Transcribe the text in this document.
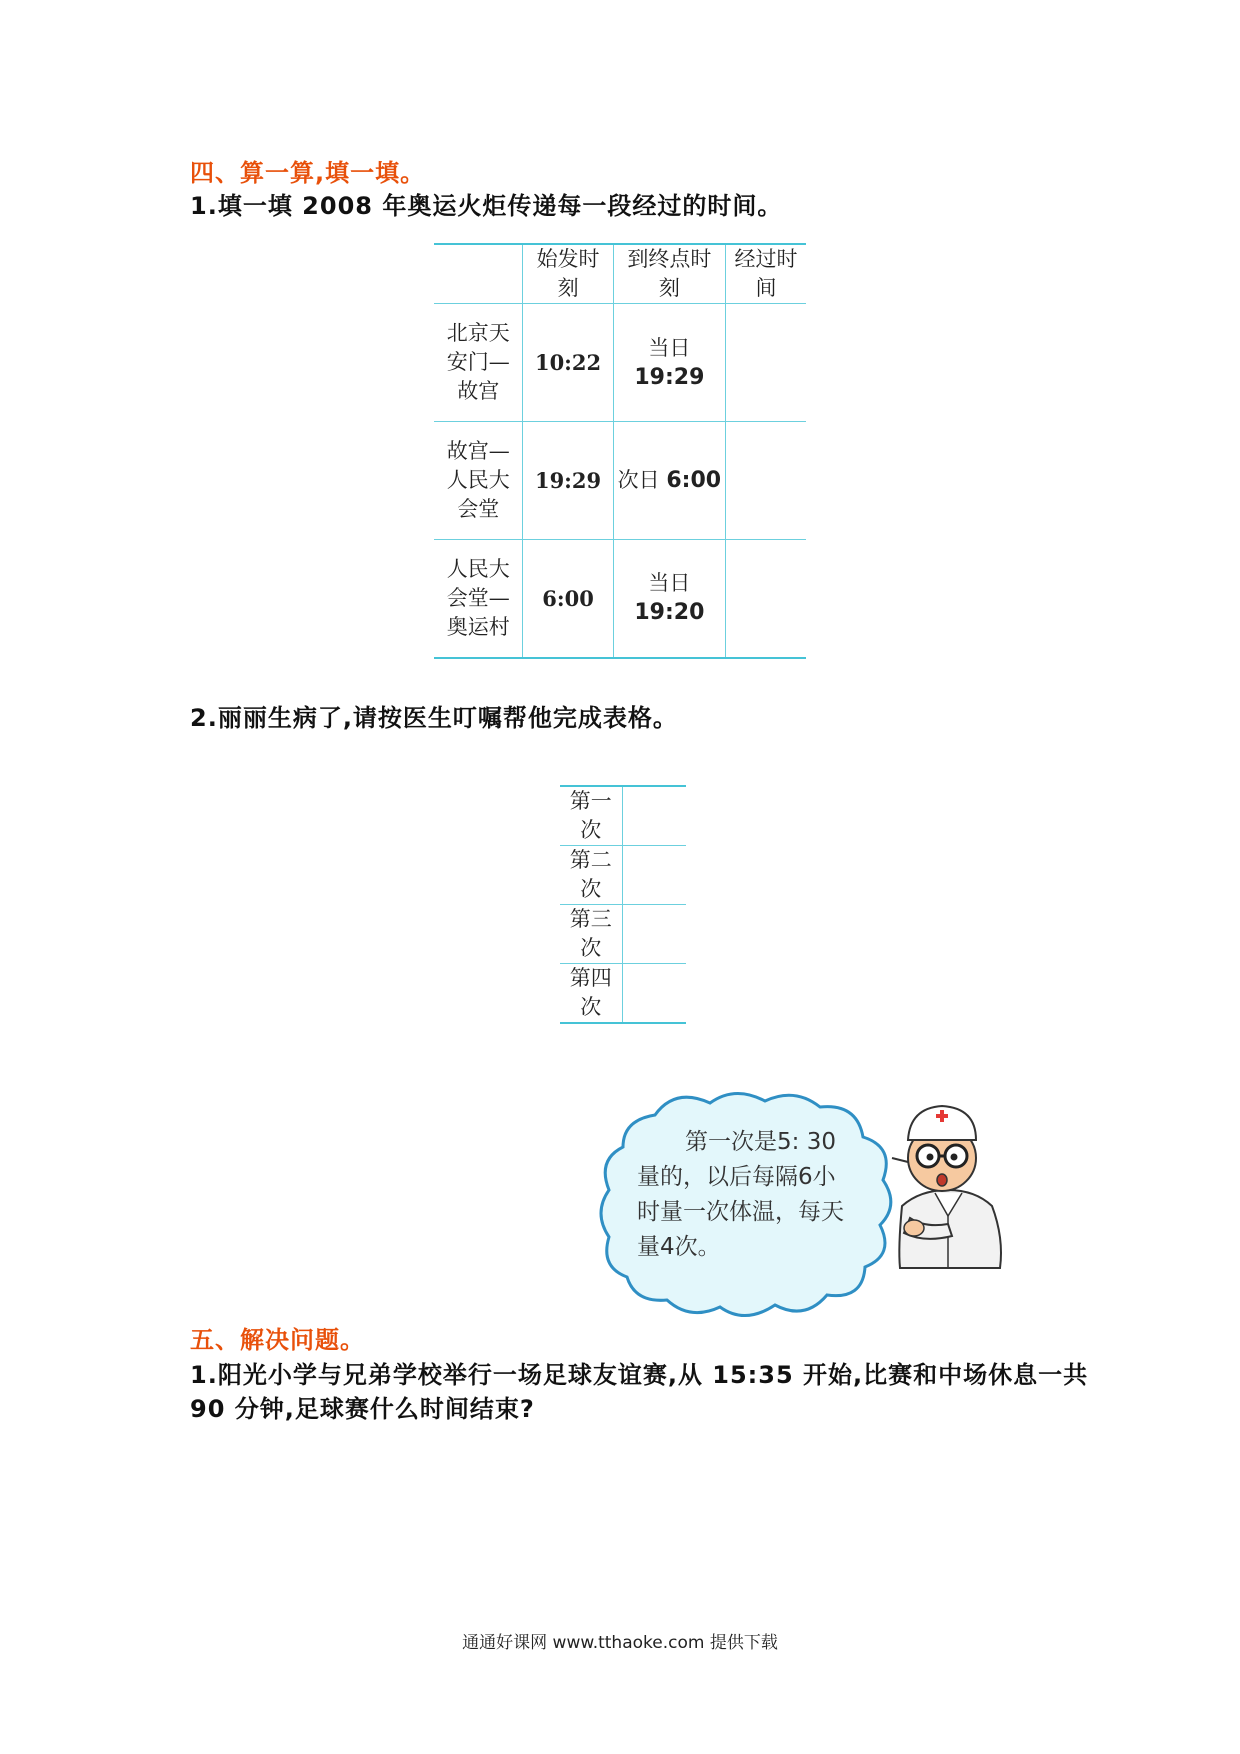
四、算一算,填一填。
1.填一填 2008 年奥运火炬传递每一段经过的时间。
	始发时刻	到终点时刻	经过时间
北京天安门—故宫	10:22	当日
19:29	

故宫—人民大会堂	19:29	次日 6:00	
人民大会堂—奥运村	6:00	当日
19:20	

2.丽丽生病了,请按医生叮嘱帮他完成表格。
第一次	
第二次	
第三次	
第四次	
第一次是5: 30
量的，以后每隔6小
时量一次体温，每天
量4次。
五、解决问题。
1.阳光小学与兄弟学校举行一场足球友谊赛,从 15:35 开始,比赛和中场休息一共
90 分钟,足球赛什么时间结束?
通通好课网 www.tthaoke.com 提供下载
